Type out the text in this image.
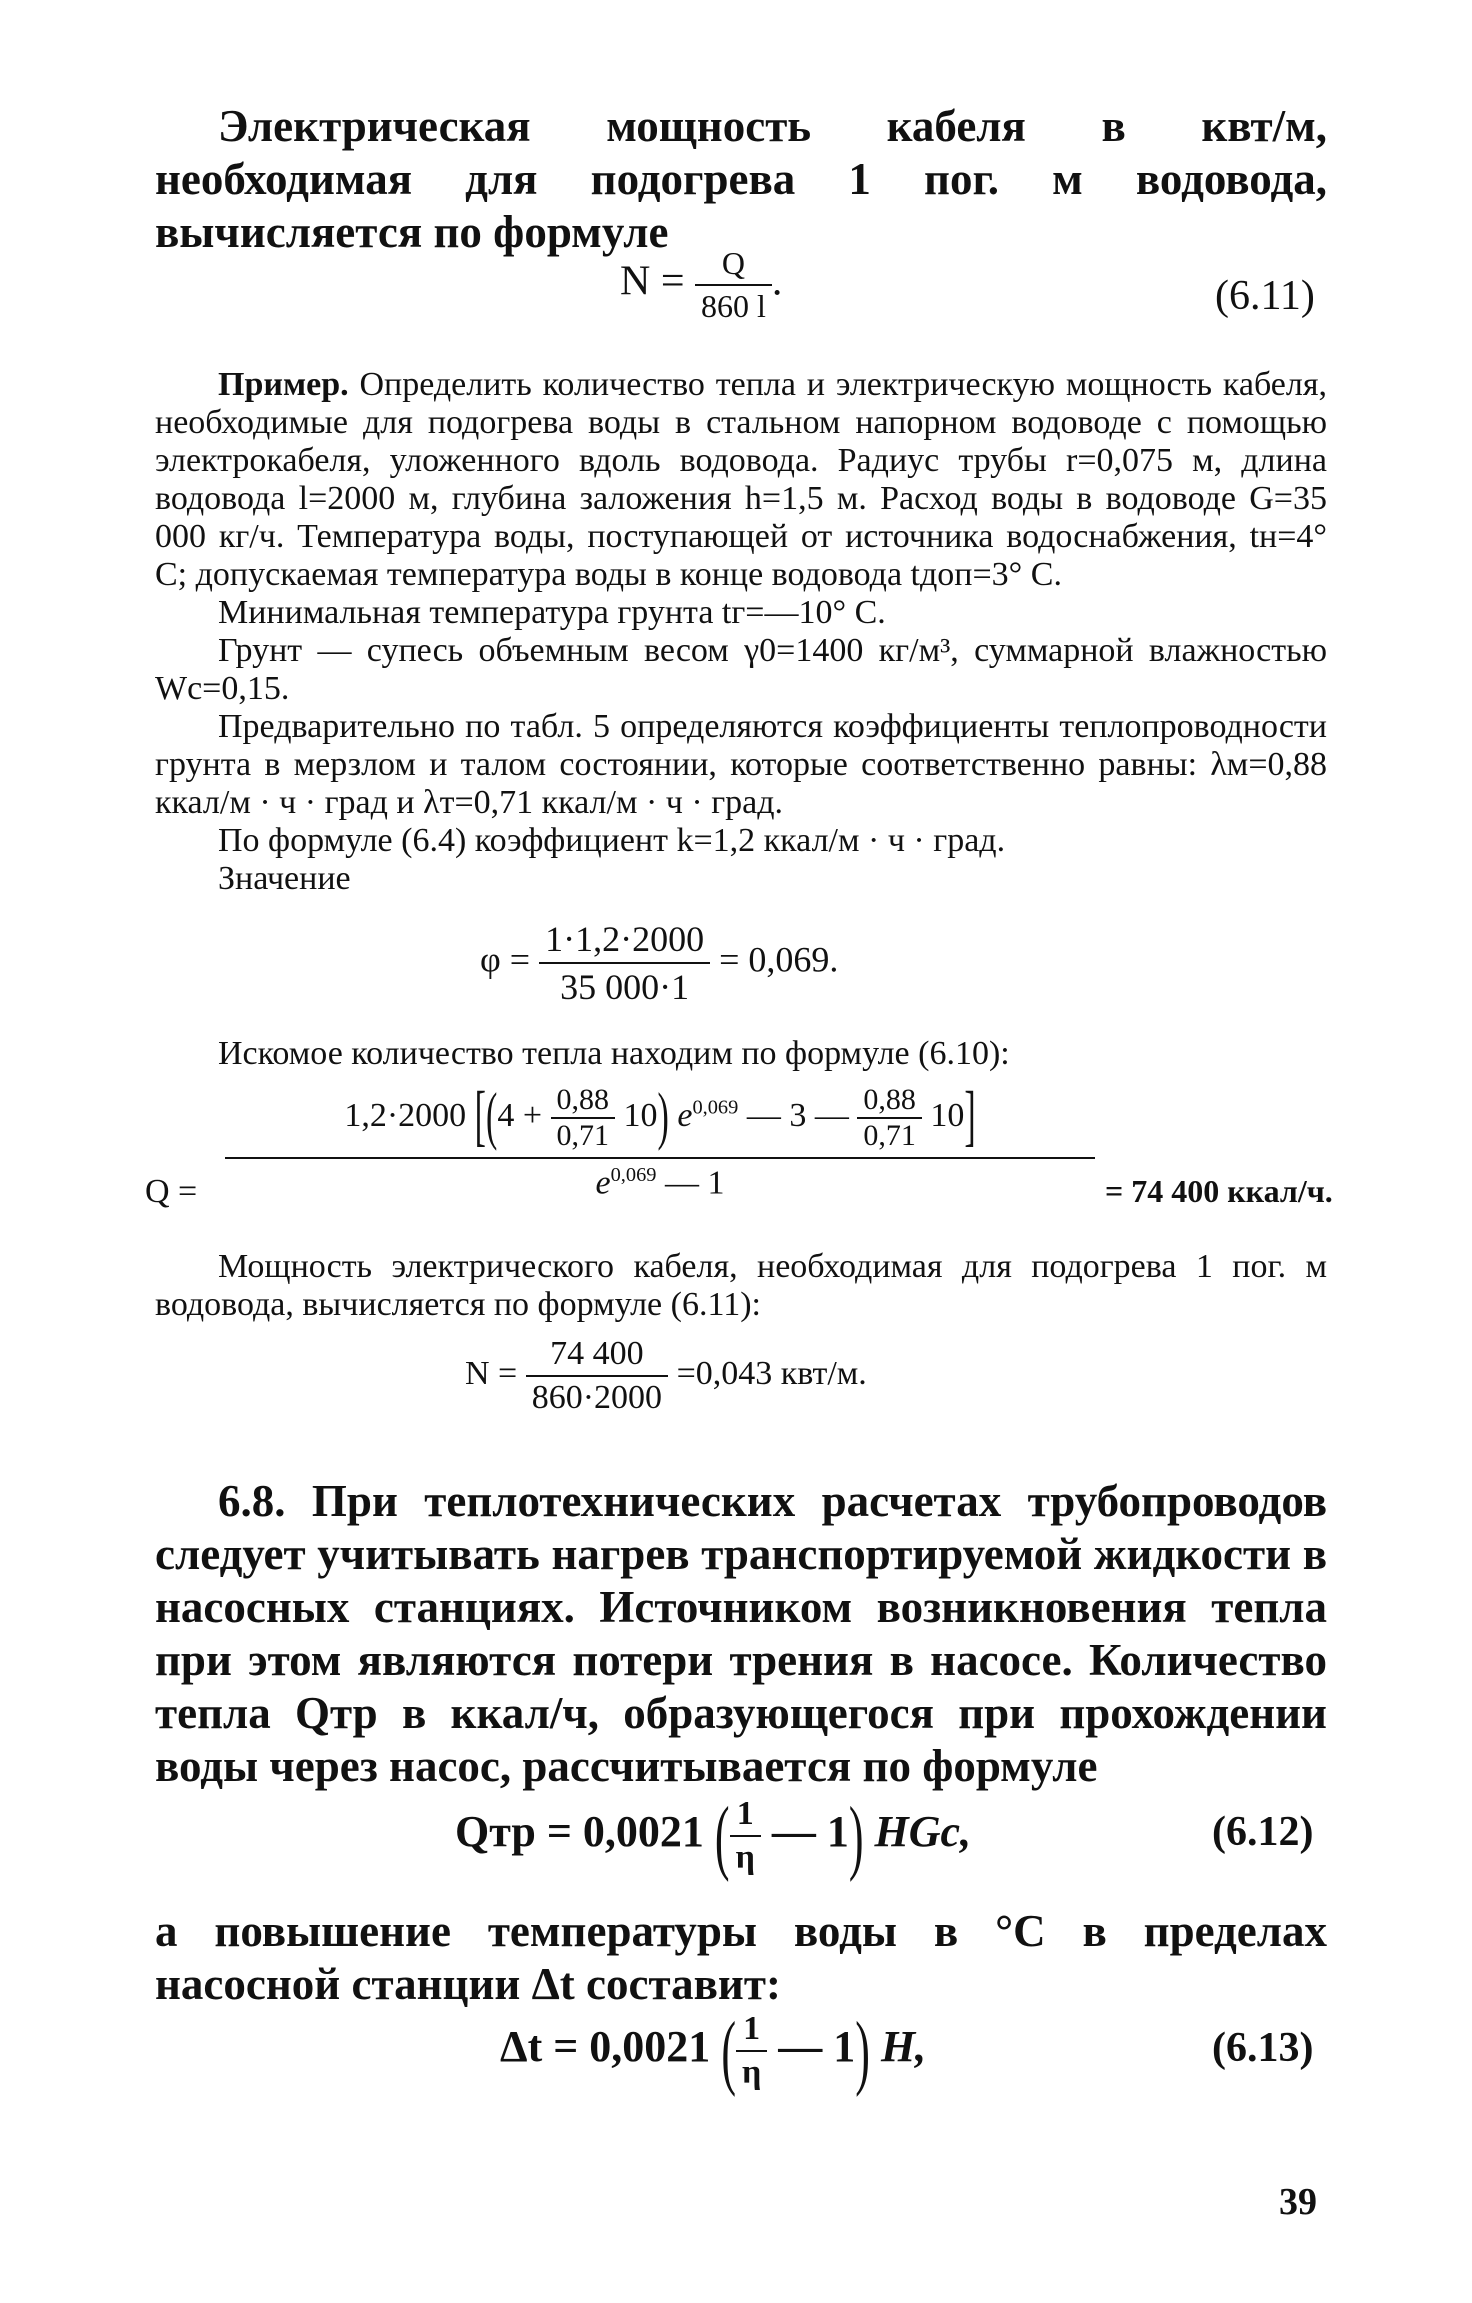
Электрическая мощность кабеля в квт/м, необходимая для подогрева 1 пог. м водовода, вычисляется по формуле

$N = \frac{Q}{860 l}$ .	(6.11)

Пример. Определить количество тепла и электрическую мощность кабеля, необходимые для подогрева воды в стальном напорном водоводе с помощью электрокабеля, уложенного вдоль водовода. Радиус трубы r=0,075 м, длина водовода l=2000 м, глубина заложения h=1,5 м. Расход воды в водоводе G=35 000 кг/ч. Температура воды, поступающей от источника водоснабжения, tн=4° C; допускаемая температура воды в конце водовода tдоп=3° C.

Минимальная температура грунта tг=—10° C.

Грунт — супесь объемным весом γ0=1400 кг/м³, суммарной влажностью Wc=0,15.

Предварительно по табл. 5 определяются коэффициенты теплопроводности грунта в мерзлом и талом состоянии, которые соответственно равны: λм=0,88 ккал/м · ч · град и λт=0,71 ккал/м · ч · град.

По формуле (6.4) коэффициент k=1,2 ккал/м · ч · град.

Значение

$\varphi = \frac{1\cdot 1,2\cdot 2000}{35 000\cdot 1} = 0,069$.

Искомое количество тепла находим по формуле (6.10):

Q =
1,2·2000 [$(4 + \frac{0,88}{0,71} 10)$ $e^{0,069}$ — 3 — $\frac{0,88}{0,71} 10$]
$e^{0,069}$ — 1	= 74 400 ккал/ч.

Мощность электрического кабеля, необходимая для подогрева 1 пог. м водовода, вычисляется по формуле (6.11):

$N = \frac{74 400}{860\cdot 2000} =0,043$ квт/м.

6.8. При теплотехнических расчетах трубопроводов следует учитывать нагрев транспортируемой жидкости в насосных станциях. Источником возникновения тепла при этом являются потери трения в насосе. Количество тепла Qтр в ккал/ч, образующегося при прохождении воды через насос, рассчитывается по формуле

Qтр = 0,0021 ( $\frac{1}{\eta}$ — 1) HGc,	(6.12)

а повышение температуры воды в °C в пределах насосной станции Δt составит:

Δt = 0,0021 ( $\frac{1}{\eta}$ — 1) H,	(6.13)
39
